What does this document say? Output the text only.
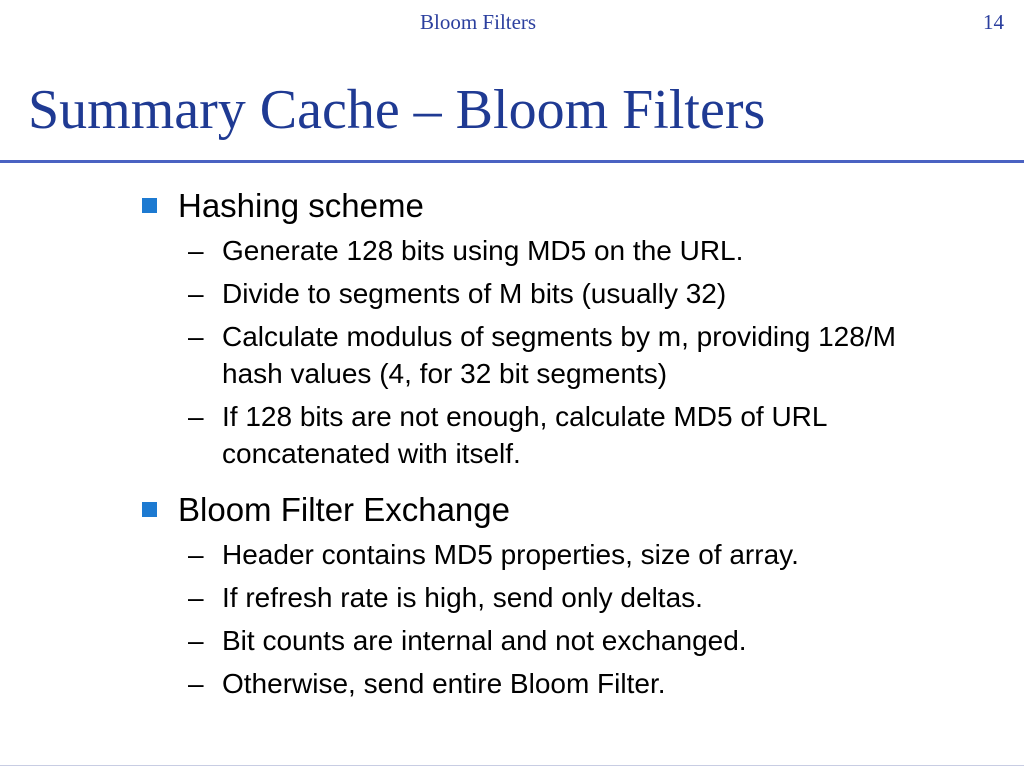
Bloom Filters	14
Summary Cache – Bloom Filters
Hashing scheme
– Generate 128 bits using MD5 on the URL.
– Divide to segments of M bits (usually 32)
– Calculate modulus of segments by m, providing 128/M hash values (4, for 32 bit segments)
– If 128 bits are not enough, calculate MD5 of URL concatenated with itself.
Bloom Filter Exchange
– Header contains MD5 properties, size of array.
– If refresh rate is high, send only deltas.
– Bit counts are internal and not exchanged.
– Otherwise, send entire Bloom Filter.
